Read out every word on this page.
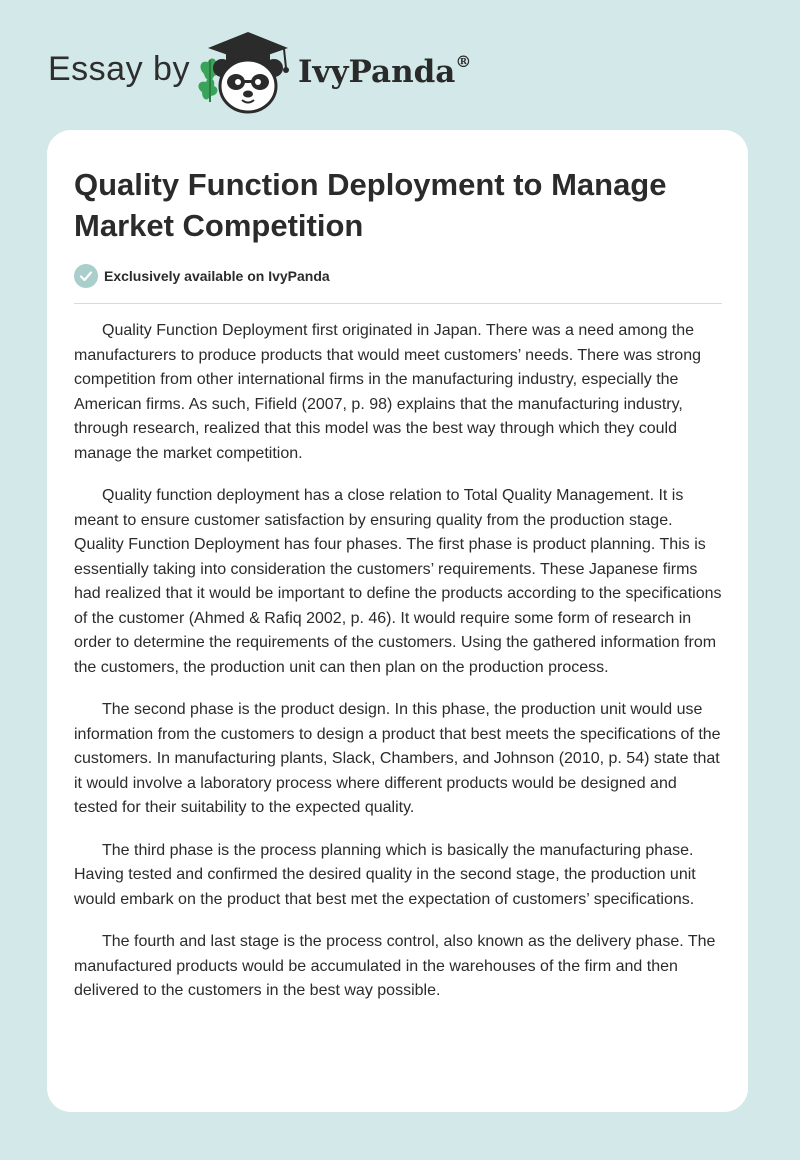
Essay by	IvyPanda®
Quality Function Deployment to Manage Market Competition
Exclusively available on IvyPanda

Quality Function Deployment first originated in Japan. There was a need among the manufacturers to produce products that would meet customers’ needs. There was strong competition from other international firms in the manufacturing industry, especially the American firms. As such, Fifield (2007, p. 98) explains that the manufacturing industry, through research, realized that this model was the best way through which they could manage the market competition.

Quality function deployment has a close relation to Total Quality Management. It is meant to ensure customer satisfaction by ensuring quality from the production stage. Quality Function Deployment has four phases. The first phase is product planning. This is essentially taking into consideration the customers’ requirements. These Japanese firms had realized that it would be important to define the products according to the specifications of the customer (Ahmed & Rafiq 2002, p. 46). It would require some form of research in order to determine the requirements of the customers. Using the gathered information from the customers, the production unit can then plan on the production process.

The second phase is the product design. In this phase, the production unit would use information from the customers to design a product that best meets the specifications of the customers. In manufacturing plants, Slack, Chambers, and Johnson (2010, p. 54) state that it would involve a laboratory process where different products would be designed and tested for their suitability to the expected quality.

The third phase is the process planning which is basically the manufacturing phase. Having tested and confirmed the desired quality in the second stage, the production unit would embark on the product that best met the expectation of customers’ specifications.

The fourth and last stage is the process control, also known as the delivery phase. The manufactured products would be accumulated in the warehouses of the firm and then delivered to the customers in the best way possible.
